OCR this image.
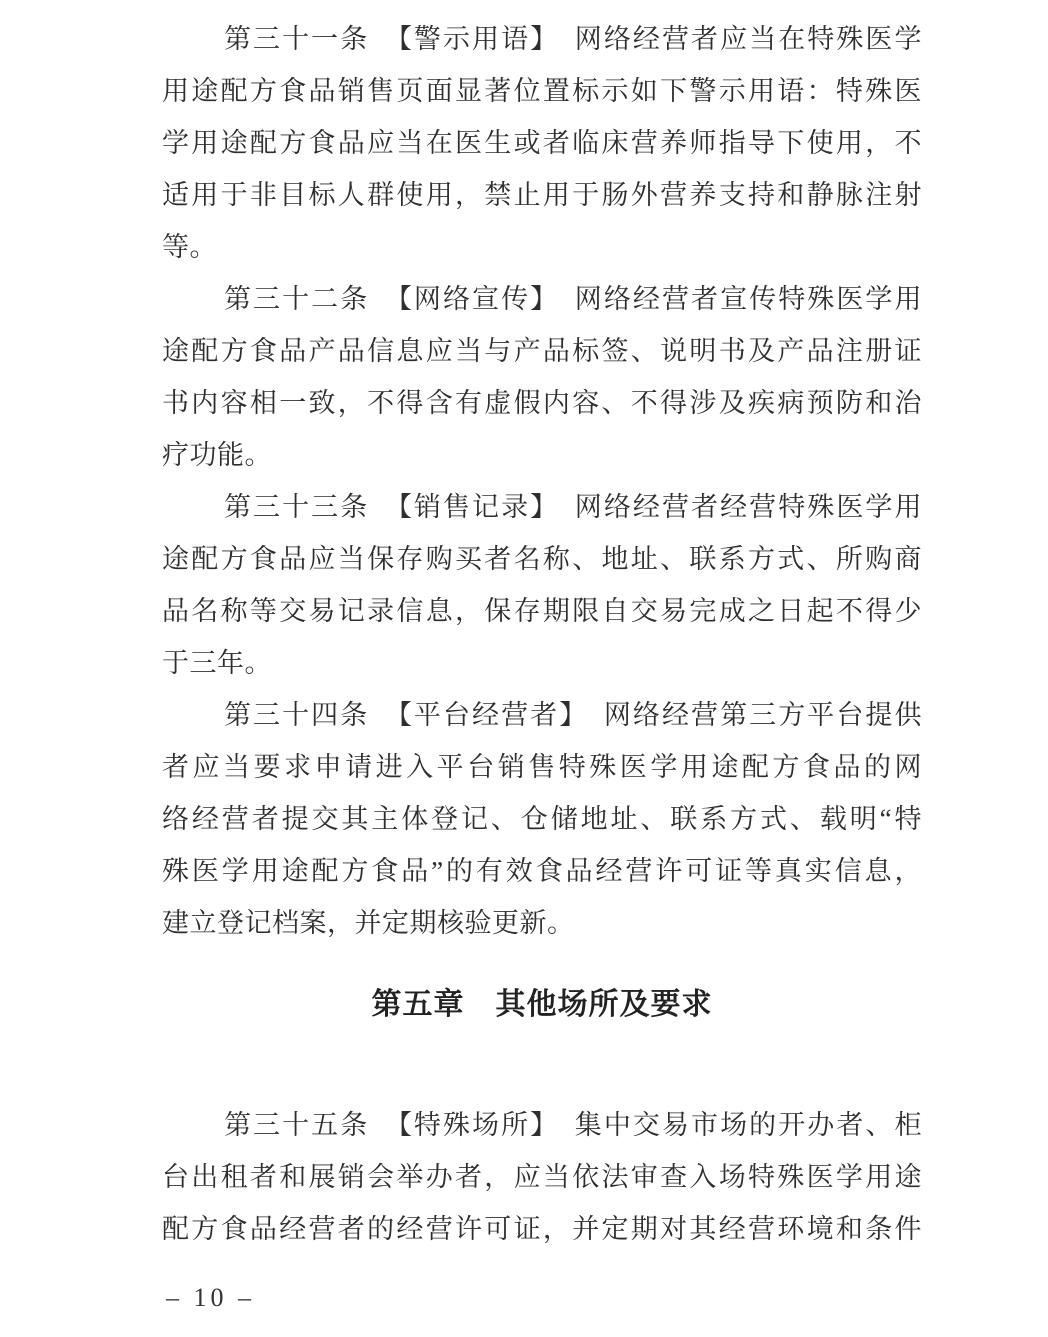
第三十一条　【警示用语】　网络经营者应当在特殊医学
用途配方食品销售页面显著位置标示如下警示用语：特殊医
学用途配方食品应当在医生或者临床营养师指导下使用，不
适用于非目标人群使用，禁止用于肠外营养支持和静脉注射
等。
第三十二条　【网络宣传】　网络经营者宣传特殊医学用
途配方食品产品信息应当与产品标签、说明书及产品注册证
书内容相一致，不得含有虚假内容、不得涉及疾病预防和治
疗功能。
第三十三条　【销售记录】　网络经营者经营特殊医学用
途配方食品应当保存购买者名称、地址、联系方式、所购商
品名称等交易记录信息，保存期限自交易完成之日起不得少
于三年。
第三十四条　【平台经营者】　网络经营第三方平台提供
者应当要求申请进入平台销售特殊医学用途配方食品的网
络经营者提交其主体登记、仓储地址、联系方式、载明“特
殊医学用途配方食品”的有效食品经营许可证等真实信息，
建立登记档案，并定期核验更新。
第五章　其他场所及要求
第三十五条　【特殊场所】　集中交易市场的开办者、柜
台出租者和展销会举办者，应当依法审查入场特殊医学用途
配方食品经营者的经营许可证，并定期对其经营环境和条件
– 10 –
